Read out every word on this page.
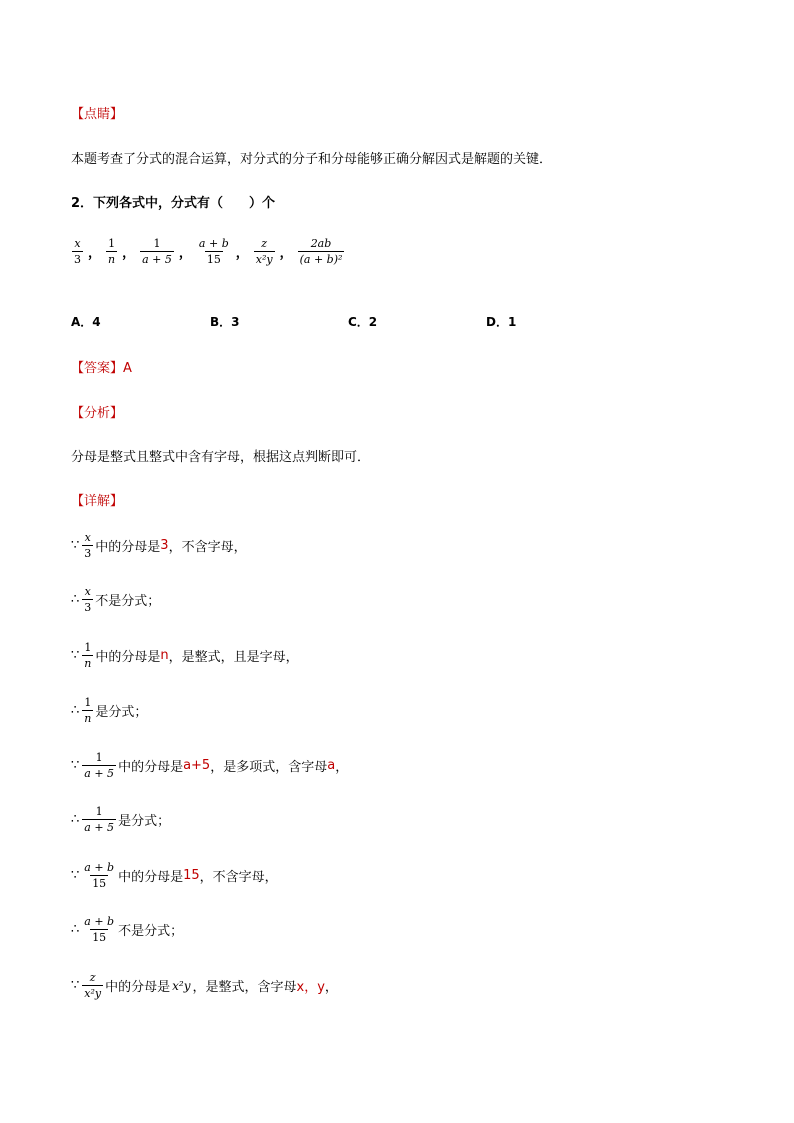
【点睛】
本题考查了分式的混合运算，对分式的分子和分母能够正确分解因式是解题的关键．
2．下列各式中，分式有（　　）个
$\frac{x}{3}$ ， $\frac{1}{n}$ ， $\frac{1}{a + 5}$ ， $\frac{a + b}{15}$ ， $\frac{z}{\text{x²y}}$ ， $\frac{2ab}{\text{(a + b)²}}$
A．4	B．3	C．2	D．1
【答案】A
【分析】
分母是整式且整式中含有字母，根据这点判断即可．
【详解】
∵ $\frac{x}{3}$ 中的分母是 3 ，不含字母，
∴ $\frac{x}{3}$ 不是分式；
∵ $\frac{1}{n}$ 中的分母是 n ，是整式，且是字母，
∴ $\frac{1}{n}$ 是分式；
∵ $\frac{1}{a + 5}$ 中的分母是 a+5 ，是多项式，含字母 a ，
∴ $\frac{1}{a + 5}$ 是分式；
∵ $\frac{a + b}{15}$ 中的分母是 15 ，不含字母，
∴ $\frac{a + b}{15}$ 不是分式；
∵ $\frac{z}{\text{x²y}}$ 中的分母是 x²y ，是整式，含字母 x，y ，
